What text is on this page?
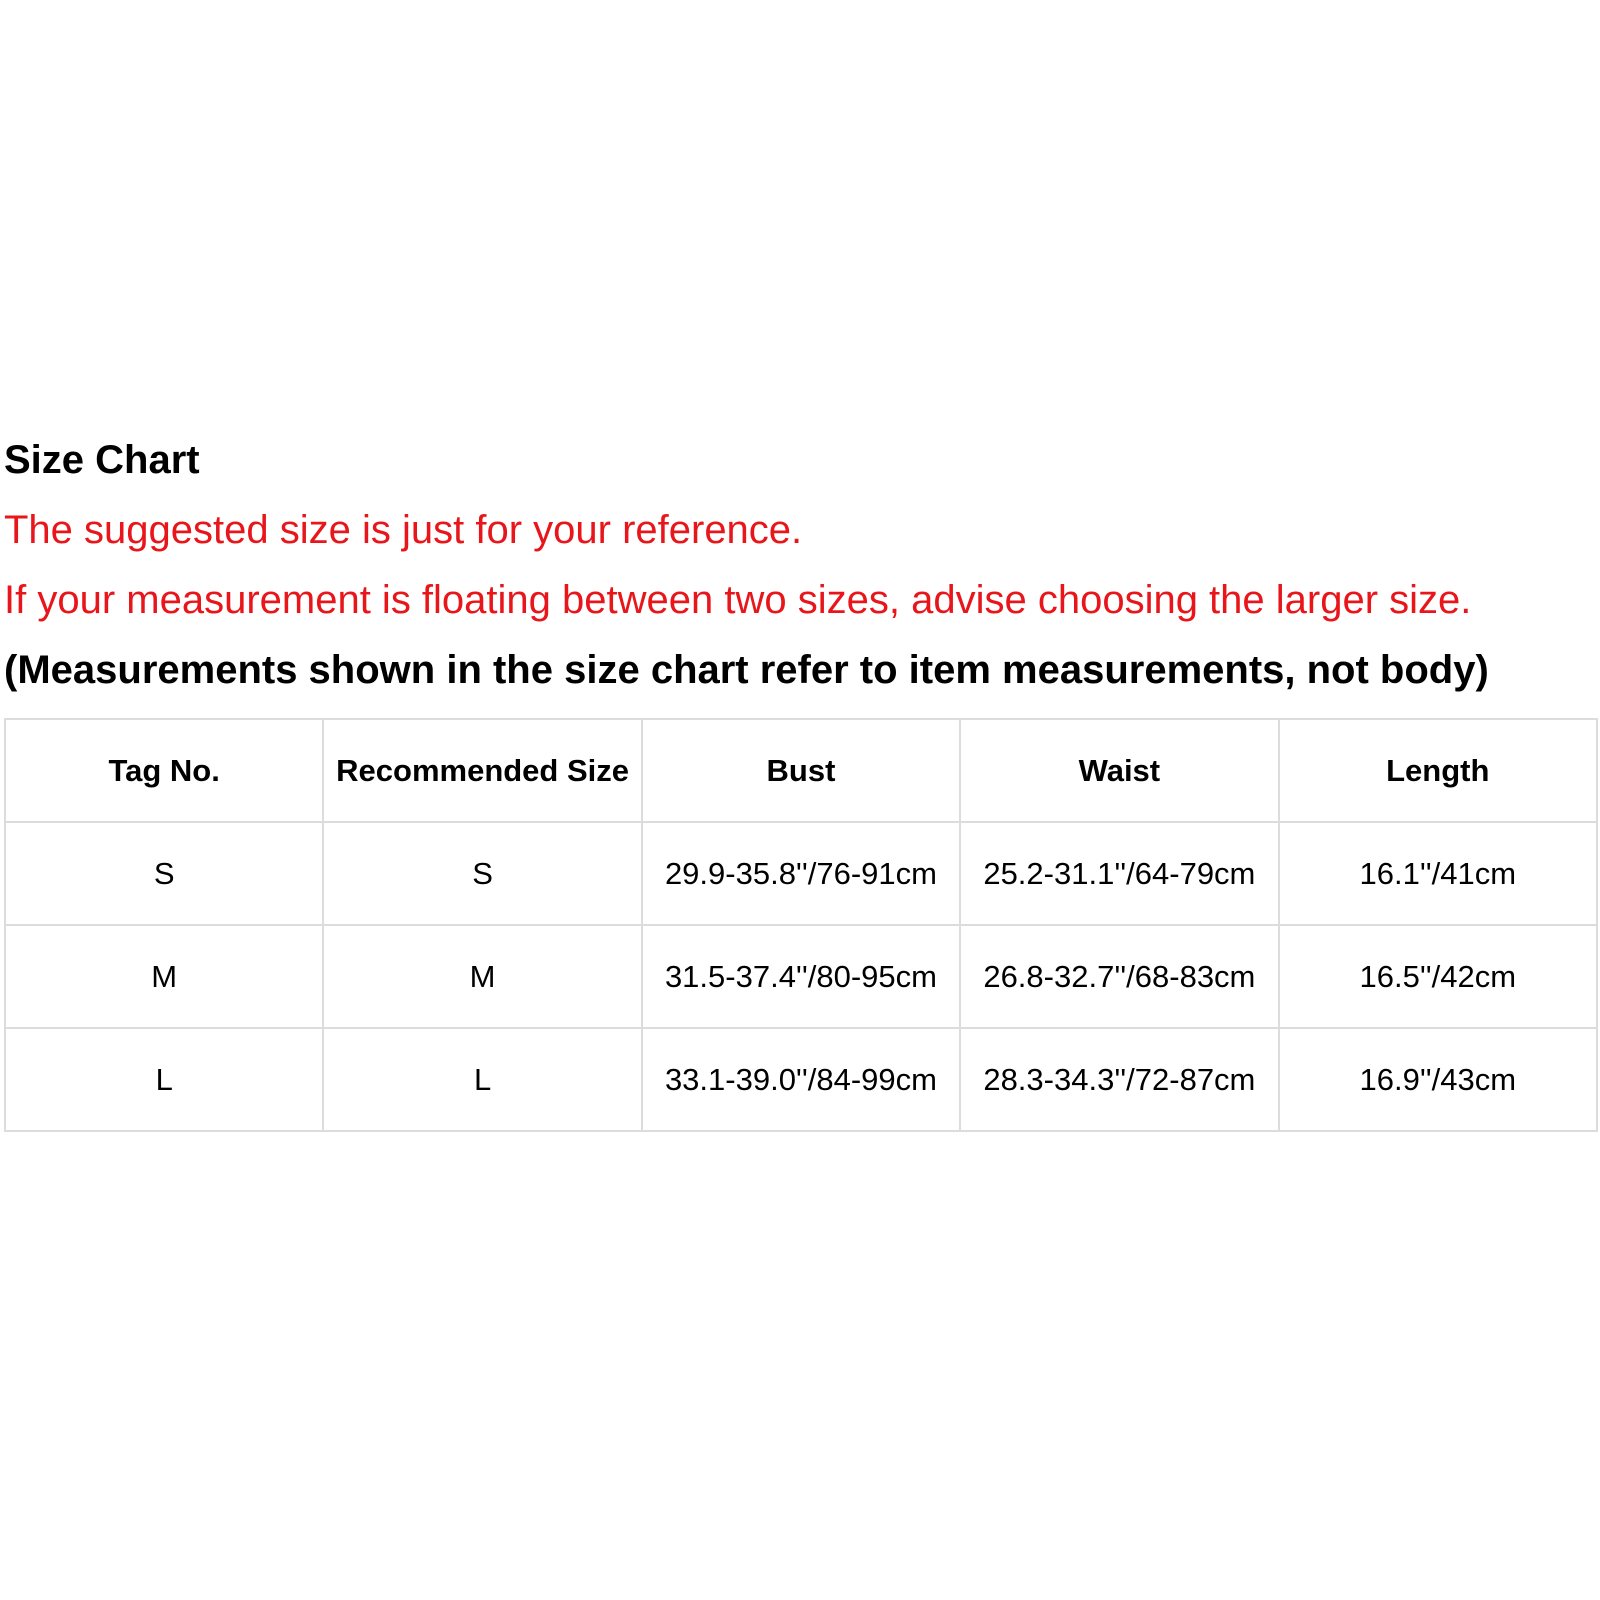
Size Chart
The suggested size is just for your reference.
If your measurement is floating between two sizes, advise choosing the larger size.
(Measurements shown in the size chart refer to item measurements, not body)
Tag No.	Recommended Size	Bust	Waist	Length
S	S	29.9-35.8''/76-91cm	25.2-31.1''/64-79cm	16.1''/41cm
M	M	31.5-37.4''/80-95cm	26.8-32.7''/68-83cm	16.5''/42cm
L	L	33.1-39.0''/84-99cm	28.3-34.3''/72-87cm	16.9''/43cm
